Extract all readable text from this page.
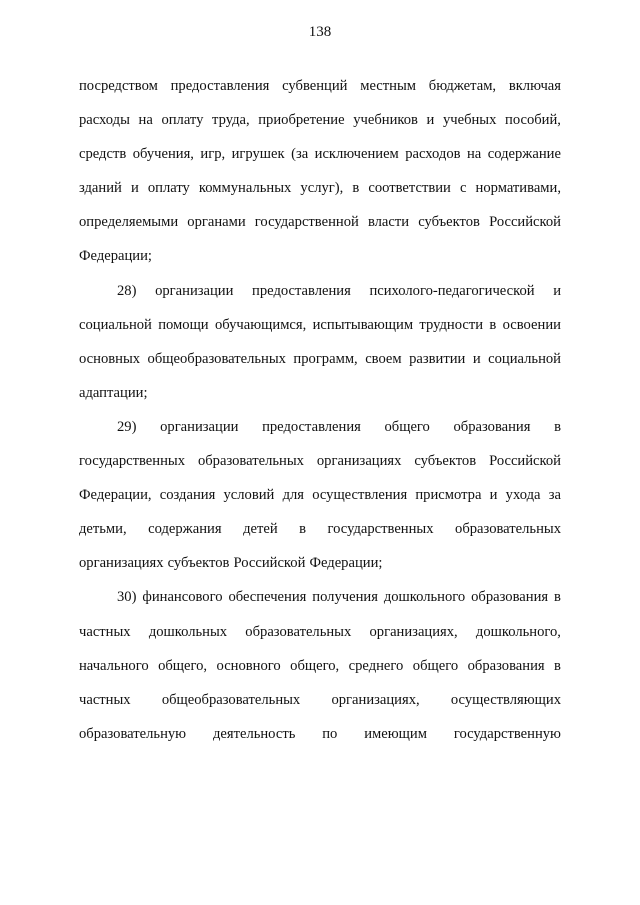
138
посредством предоставления субвенций местным бюджетам, включая
расходы на оплату труда, приобретение учебников и учебных пособий,
средств обучения, игр, игрушек (за исключением расходов на содержание
зданий и оплату коммунальных услуг), в соответствии с нормативами,
определяемыми органами государственной власти субъектов Российской
Федерации;
28) организации предоставления психолого-педагогической и
социальной помощи обучающимся, испытывающим трудности в освоении
основных общеобразовательных программ, своем развитии и социальной
адаптации;
29) организации предоставления общего образования в
государственных образовательных организациях субъектов Российской
Федерации, создания условий для осуществления присмотра и ухода за
детьми, содержания детей в государственных образовательных
организациях субъектов Российской Федерации;
30) финансового обеспечения получения дошкольного образования в
частных дошкольных образовательных организациях, дошкольного,
начального общего, основного общего, среднего общего образования в
частных общеобразовательных организациях, осуществляющих
образовательную деятельность по имеющим государственную
